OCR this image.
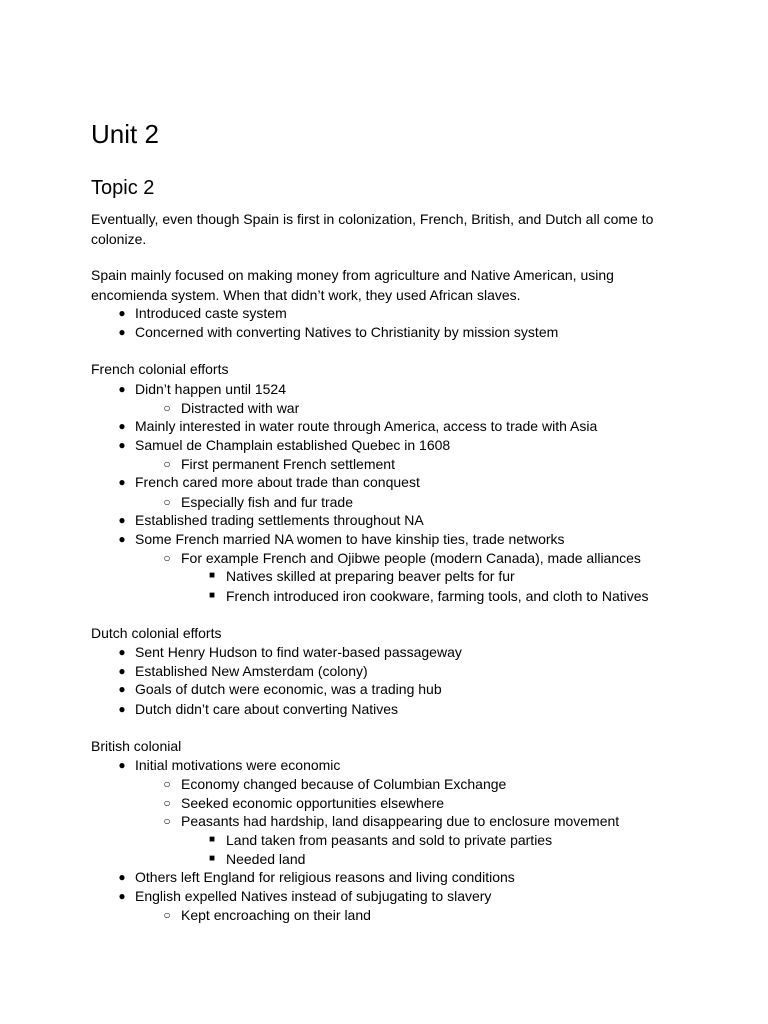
Unit 2
Topic 2

Eventually, even though Spain is first in colonization, French, British, and Dutch all come to colonize.

Spain mainly focused on making money from agriculture and Native American, using encomienda system. When that didn’t work, they used African slaves.

● Introduced caste system
● Concerned with converting Natives to Christianity by mission system
French colonial efforts
● Didn’t happen until 1524
○ Distracted with war
● Mainly interested in water route through America, access to trade with Asia
● Samuel de Champlain established Quebec in 1608
○ First permanent French settlement
● French cared more about trade than conquest
○ Especially fish and fur trade
● Established trading settlements throughout NA
● Some French married NA women to have kinship ties, trade networks
○ For example French and Ojibwe people (modern Canada), made alliances
■ Natives skilled at preparing beaver pelts for fur
■ French introduced iron cookware, farming tools, and cloth to Natives
Dutch colonial efforts
● Sent Henry Hudson to find water-based passageway
● Established New Amsterdam (colony)
● Goals of dutch were economic, was a trading hub
● Dutch didn’t care about converting Natives
British colonial
● Initial motivations were economic
○ Economy changed because of Columbian Exchange
○ Seeked economic opportunities elsewhere
○ Peasants had hardship, land disappearing due to enclosure movement
■ Land taken from peasants and sold to private parties
■ Needed land
● Others left England for religious reasons and living conditions
● English expelled Natives instead of subjugating to slavery
○ Kept encroaching on their land
